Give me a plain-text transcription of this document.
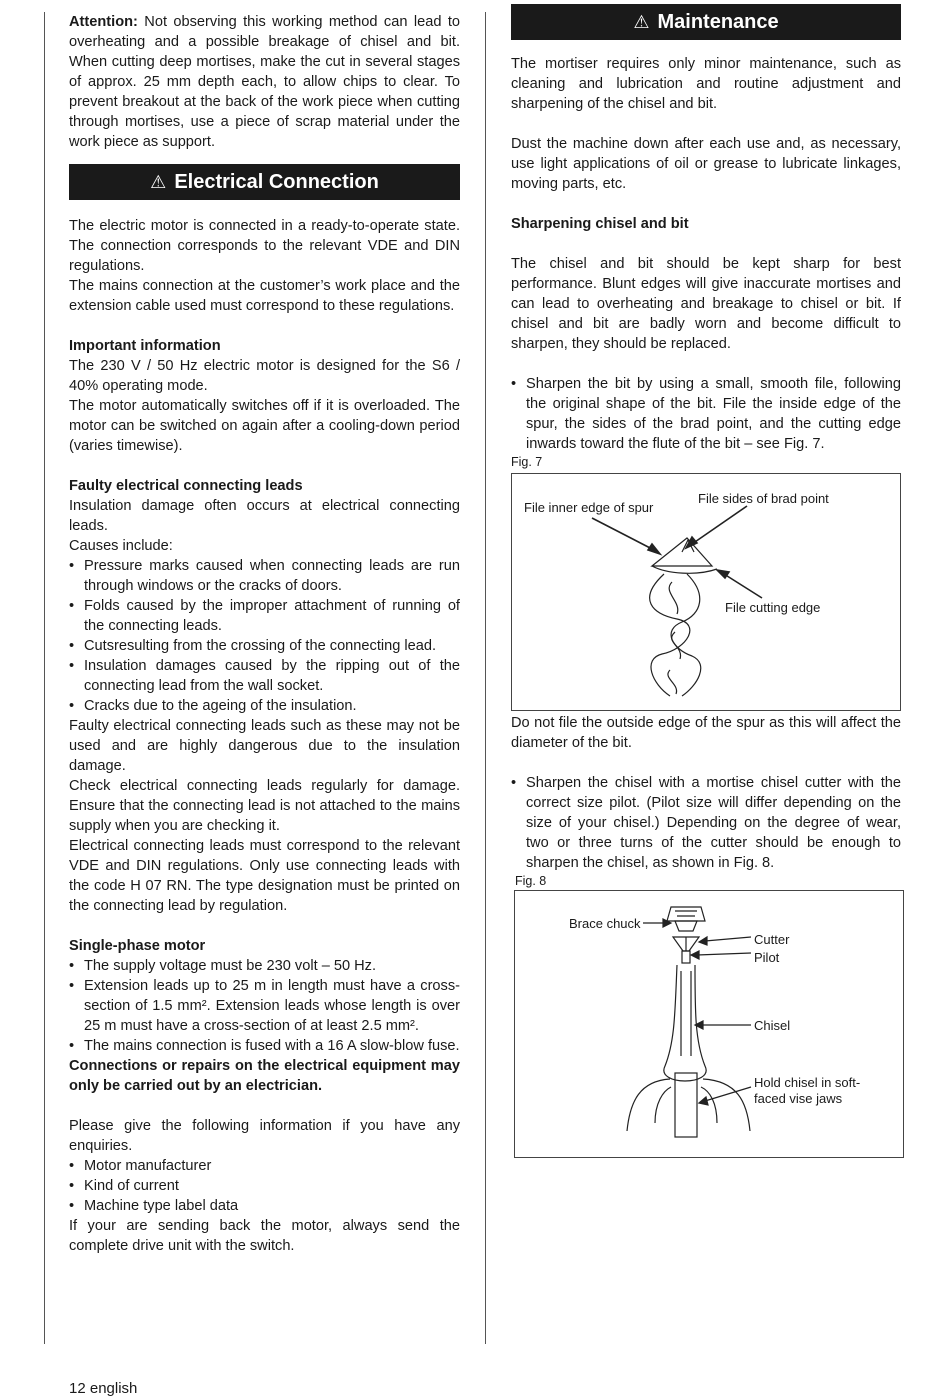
Attention: Not observing this working method can lead to overheating and a possible breakage of chisel and bit. When cutting deep mortises, make the cut in several stages of approx. 25 mm depth each, to allow chips to clear. To prevent breakout at the back of the work piece when cutting through mortises, use a piece of scrap material under the work piece as support.

⚠ Electrical Connection

The electric motor is connected in a ready-to-operate state. The connection corresponds to the relevant VDE and DIN regulations.

The mains connection at the customer’s work place and the extension cable used must correspond to these regulations.

Important information

The 230 V / 50 Hz electric motor is designed for the S6 / 40% operating mode.

The motor automatically switches off if it is overloaded. The motor can be switched on again after a cooling-down period (varies timewise).

Faulty electrical connecting leads

Insulation damage often occurs at electrical connecting leads.

Causes include:

• Pressure marks caused when connecting leads are run through windows or the cracks of doors.
• Folds caused by the improper attachment of running of the connecting leads.
• Cutsresulting from the crossing of the connecting lead.
• Insulation damages caused by the ripping out of the connecting lead from the wall socket.
• Cracks due to the ageing of the insulation.

Faulty electrical connecting leads such as these may not be used and are highly dangerous due to the insulation damage.

Check electrical connecting leads regularly for damage. Ensure that the connecting lead is not attached to the mains supply when you are checking it.

Electrical connecting leads must correspond to the relevant VDE and DIN regulations. Only use connecting leads with the code H 07 RN. The type designation must be printed on the connecting lead by regulation.

Single-phase motor

• The supply voltage must be 230 volt – 50 Hz.
• Extension leads up to 25 m in length must have a cross-section of 1.5 mm². Extension leads whose length is over 25 m must have a cross-section of at least 2.5 mm².
• The mains connection is fused with a 16 A slow-blow fuse.

Connections or repairs on the electrical equipment may only be carried out by an electrician.

Please give the following information if you have any enquiries.

• Motor manufacturer
• Kind of current
• Machine type label data

If your are sending back the motor, always send the complete drive unit with the switch.

⚠ Maintenance

The mortiser requires only minor maintenance, such as cleaning and lubrication and routine adjustment and sharpening of the chisel and bit.

Dust the machine down after each use and, as necessary, use light applications of oil or grease to lubricate linkages, moving parts, etc.

Sharpening chisel and bit

The chisel and bit should be kept sharp for best performance. Blunt edges will give inaccurate mortises and can lead to overheating and breakage to chisel or bit. If chisel and bit are badly worn and become difficult to sharpen, they should be replaced.

• Sharpen the bit by using a small, smooth file, following the original shape of the bit. File the inside edge of the spur, the sides of the brad point, and the cutting edge inwards toward the flute of the bit – see Fig. 7.

Fig. 7

File inner edge of spur
File sides of brad point
File cutting edge

Do not file the outside edge of the spur as this will affect the diameter of the bit.

• Sharpen the chisel with a mortise chisel cutter with the correct size pilot. (Pilot size will differ depending on the size of your chisel.) Depending on the degree of wear, two or three turns of the cutter should be enough to sharpen the chisel, as shown in Fig. 8.

Fig. 8

Brace chuck
Cutter
Pilot
Chisel
Hold chisel in soft-faced vise jaws
12 english
